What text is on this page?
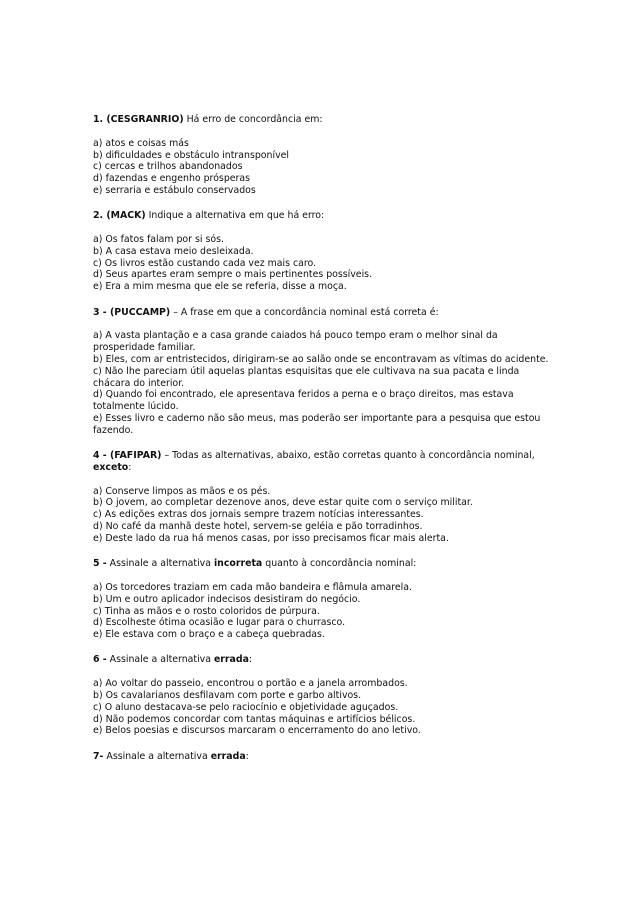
1. (CESGRANRIO) Há erro de concordância em:
a) atos e coisas más
b) dificuldades e obstáculo intransponível
c) cercas e trilhos abandonados
d) fazendas e engenho prósperas
e) serraria e estábulo conservados
2. (MACK) Indique a alternativa em que há erro:
a) Os fatos falam por si sós.
b) A casa estava meio desleixada.
c) Os livros estão custando cada vez mais caro.
d) Seus apartes eram sempre o mais pertinentes possíveis.
e) Era a mim mesma que ele se referia, disse a moça.
3 - (PUCCAMP) – A frase em que a concordância nominal está correta é:
a) A vasta plantação e a casa grande caiados há pouco tempo eram o melhor sinal da prosperidade familiar.
b) Eles, com ar entristecidos, dirigiram-se ao salão onde se encontravam as vítimas do acidente.
c) Não lhe pareciam útil aquelas plantas esquisitas que ele cultivava na sua pacata e linda chácara do interior.
d) Quando foi encontrado, ele apresentava feridos a perna e o braço direitos, mas estava totalmente lúcido.
e) Esses livro e caderno não são meus, mas poderão ser importante para a pesquisa que estou fazendo.
4 - (FAFIPAR) – Todas as alternativas, abaixo, estão corretas quanto à concordância nominal, exceto:
a) Conserve limpos as mãos e os pés.
b) O jovem, ao completar dezenove anos, deve estar quite com o serviço militar.
c) As edições extras dos jornais sempre trazem notícias interessantes.
d) No café da manhã deste hotel, servem-se geléia e pão torradinhos.
e) Deste lado da rua há menos casas, por isso precisamos ficar mais alerta.
5 - Assinale a alternativa incorreta quanto à concordância nominal:
a) Os torcedores traziam em cada mão bandeira e flâmula amarela.
b) Um e outro aplicador indecisos desistiram do negócio.
c) Tinha as mãos e o rosto coloridos de púrpura.
d) Escolheste ótima ocasião e lugar para o churrasco.
e) Ele estava com o braço e a cabeça quebradas.
6 - Assinale a alternativa errada:
a) Ao voltar do passeio, encontrou o portão e a janela arrombados.
b) Os cavalarianos desfilavam com porte e garbo altivos.
c) O aluno destacava-se pelo raciocínio e objetividade aguçados.
d) Não podemos concordar com tantas máquinas e artifícios bélicos.
e) Belos poesias e discursos marcaram o encerramento do ano letivo.
7- Assinale a alternativa errada:
